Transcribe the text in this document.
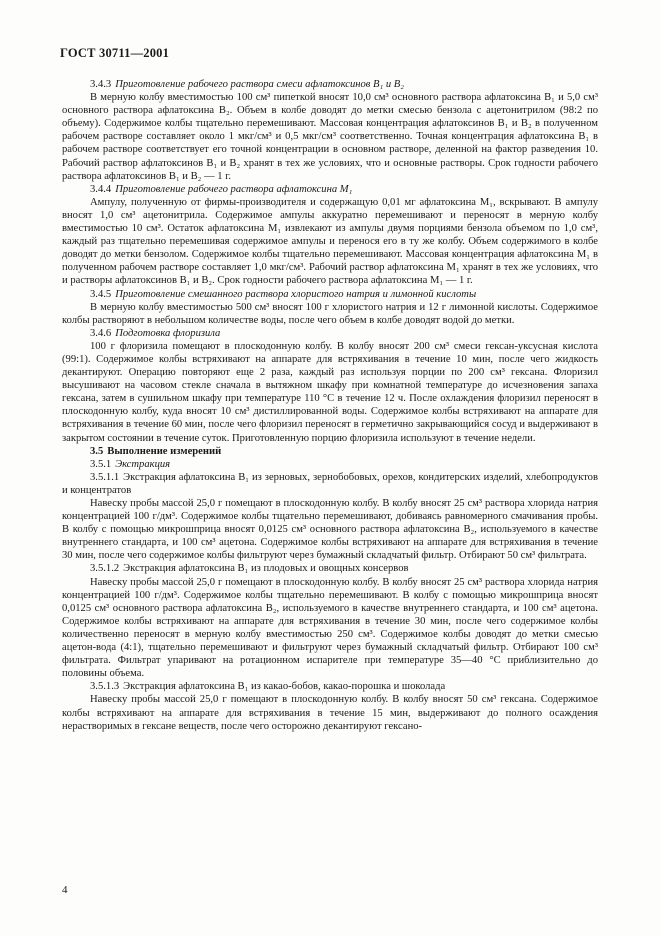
ГОСТ 30711—2001

3.4.3 Приготовление рабочего раствора смеси афлатоксинов B₁ и B₂

В мерную колбу вместимостью 100 см³ пипеткой вносят 10,0 см³ основного раствора афлатоксина B₁ и 5,0 см³ основного раствора афлатоксина B₂. Объем в колбе доводят до метки смесью бензола с ацетонитрилом (98:2 по объему). Содержимое колбы тщательно перемешивают. Массовая концентрация афлатоксинов B₁ и B₂ в полученном рабочем растворе составляет около 1 мкг/см³ и 0,5 мкг/см³ соответственно. Точная концентрация афлатоксина B₁ в рабочем растворе соответствует его точной концентрации в основном растворе, деленной на фактор разведения 10. Рабочий раствор афлатоксинов B₁ и B₂ хранят в тех же условиях, что и основные растворы. Срок годности рабочего раствора афлатоксинов B₁ и B₂ — 1 г.

3.4.4 Приготовление рабочего раствора афлатоксина M₁

Ампулу, полученную от фирмы-производителя и содержащую 0,01 мг афлатоксина M₁, вскрывают. В ампулу вносят 1,0 см³ ацетонитрила. Содержимое ампулы аккуратно перемешивают и переносят в мерную колбу вместимостью 10 см³. Остаток афлатоксина M₁ извлекают из ампулы двумя порциями бензола объемом по 1,0 см³, каждый раз тщательно перемешивая содержимое ампулы и перенося его в ту же колбу. Объем содержимого в колбе доводят до метки бензолом. Содержимое колбы тщательно перемешивают. Массовая концентрация афлатоксина M₁ в полученном рабочем растворе составляет 1,0 мкг/см³. Рабочий раствор афлатоксина M₁ хранят в тех же условиях, что и растворы афлатоксинов B₁ и B₂. Срок годности рабочего раствора афлатоксина M₁ — 1 г.

3.4.5 Приготовление смешанного раствора хлористого натрия и лимонной кислоты

В мерную колбу вместимостью 500 см³ вносят 100 г хлористого натрия и 12 г лимонной кислоты. Содержимое колбы растворяют в небольшом количестве воды, после чего объем в колбе доводят водой до метки.

3.4.6 Подготовка флоризила

100 г флоризила помещают в плоскодонную колбу. В колбу вносят 200 см³ смеси гексан-уксусная кислота (99:1). Содержимое колбы встряхивают на аппарате для встряхивания в течение 10 мин, после чего жидкость декантируют. Операцию повторяют еще 2 раза, каждый раз используя порции по 200 см³ гексана. Флоризил высушивают на часовом стекле сначала в вытяжном шкафу при комнатной температуре до исчезновения запаха гексана, затем в сушильном шкафу при температуре 110 °С в течение 12 ч. После охлаждения флоризил переносят в плоскодонную колбу, куда вносят 10 см³ дистиллированной воды. Содержимое колбы встряхивают на аппарате для встряхивания в течение 60 мин, после чего флоризил переносят в герметично закрывающийся сосуд и выдерживают в закрытом состоянии в течение суток. Приготовленную порцию флоризила используют в течение недели.

3.5 Выполнение измерений

3.5.1 Экстракция

3.5.1.1 Экстракция афлатоксина B₁ из зерновых, зернобобовых, орехов, кондитерских изделий, хлебопродуктов и концентратов

Навеску пробы массой 25,0 г помещают в плоскодонную колбу. В колбу вносят 25 см³ раствора хлорида натрия концентрацией 100 г/дм³. Содержимое колбы тщательно перемешивают, добиваясь равномерного смачивания пробы. В колбу с помощью микрошприца вносят 0,0125 см³ основного раствора афлатоксина B₂, используемого в качестве внутреннего стандарта, и 100 см³ ацетона. Содержимое колбы встряхивают на аппарате для встряхивания в течение 30 мин, после чего содержимое колбы фильтруют через бумажный складчатый фильтр. Отбирают 50 см³ фильтрата.

3.5.1.2 Экстракция афлатоксина B₁ из плодовых и овощных консервов

Навеску пробы массой 25,0 г помещают в плоскодонную колбу. В колбу вносят 25 см³ раствора хлорида натрия концентрацией 100 г/дм³. Содержимое колбы тщательно перемешивают. В колбу с помощью микрошприца вносят 0,0125 см³ основного раствора афлатоксина B₂, используемого в качестве внутреннего стандарта, и 100 см³ ацетона. Содержимое колбы встряхивают на аппарате для встряхивания в течение 30 мин, после чего содержимое колбы количественно переносят в мерную колбу вместимостью 250 см³. Содержимое колбы доводят до метки смесью ацетон-вода (4:1), тщательно перемешивают и фильтруют через бумажный складчатый фильтр. Отбирают 100 см³ фильтрата. Фильтрат упаривают на ротационном испарителе при температуре 35—40 °С приблизительно до половины объема.

3.5.1.3 Экстракция афлатоксина B₁ из какао-бобов, какао-порошка и шоколада

Навеску пробы массой 25,0 г помещают в плоскодонную колбу. В колбу вносят 50 см³ гексана. Содержимое колбы встряхивают на аппарате для встряхивания в течение 15 мин, выдерживают до полного осаждения нерастворимых в гексане веществ, после чего осторожно декантируют гексано-

4
